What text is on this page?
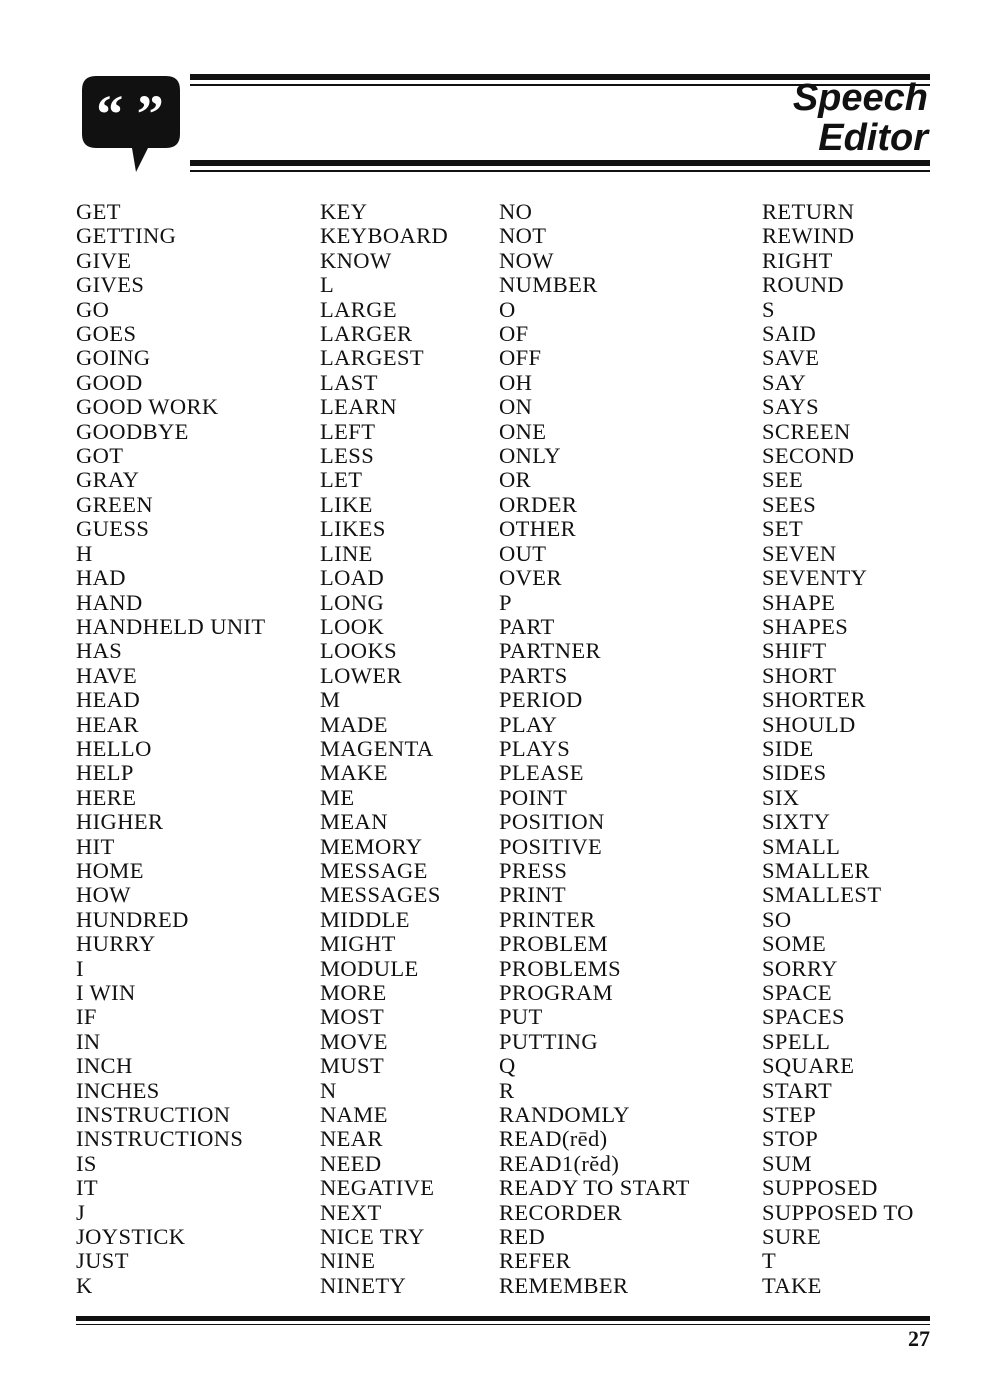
“ ”	Speech
Editor
GET
GETTING
GIVE
GIVES
GO
GOES
GOING
GOOD
GOOD WORK
GOODBYE
GOT
GRAY
GREEN
GUESS
H
HAD
HAND
HANDHELD UNIT
HAS
HAVE
HEAD
HEAR
HELLO
HELP
HERE
HIGHER
HIT
HOME
HOW
HUNDRED
HURRY
I
I WIN
IF
IN
INCH
INCHES
INSTRUCTION
INSTRUCTIONS
IS
IT
J
JOYSTICK
JUST
K
KEY
KEYBOARD
KNOW
L
LARGE
LARGER
LARGEST
LAST
LEARN
LEFT
LESS
LET
LIKE
LIKES
LINE
LOAD
LONG
LOOK
LOOKS
LOWER
M
MADE
MAGENTA
MAKE
ME
MEAN
MEMORY
MESSAGE
MESSAGES
MIDDLE
MIGHT
MODULE
MORE
MOST
MOVE
MUST
N
NAME
NEAR
NEED
NEGATIVE
NEXT
NICE TRY
NINE
NINETY
NO
NOT
NOW
NUMBER
O
OF
OFF
OH
ON
ONE
ONLY
OR
ORDER
OTHER
OUT
OVER
P
PART
PARTNER
PARTS
PERIOD
PLAY
PLAYS
PLEASE
POINT
POSITION
POSITIVE
PRESS
PRINT
PRINTER
PROBLEM
PROBLEMS
PROGRAM
PUT
PUTTING
Q
R
RANDOMLY
READ(rēd)
READ1(rĕd)
READY TO START
RECORDER
RED
REFER
REMEMBER
RETURN
REWIND
RIGHT
ROUND
S
SAID
SAVE
SAY
SAYS
SCREEN
SECOND
SEE
SEES
SET
SEVEN
SEVENTY
SHAPE
SHAPES
SHIFT
SHORT
SHORTER
SHOULD
SIDE
SIDES
SIX
SIXTY
SMALL
SMALLER
SMALLEST
SO
SOME
SORRY
SPACE
SPACES
SPELL
SQUARE
START
STEP
STOP
SUM
SUPPOSED
SUPPOSED TO
SURE
T
TAKE
27
